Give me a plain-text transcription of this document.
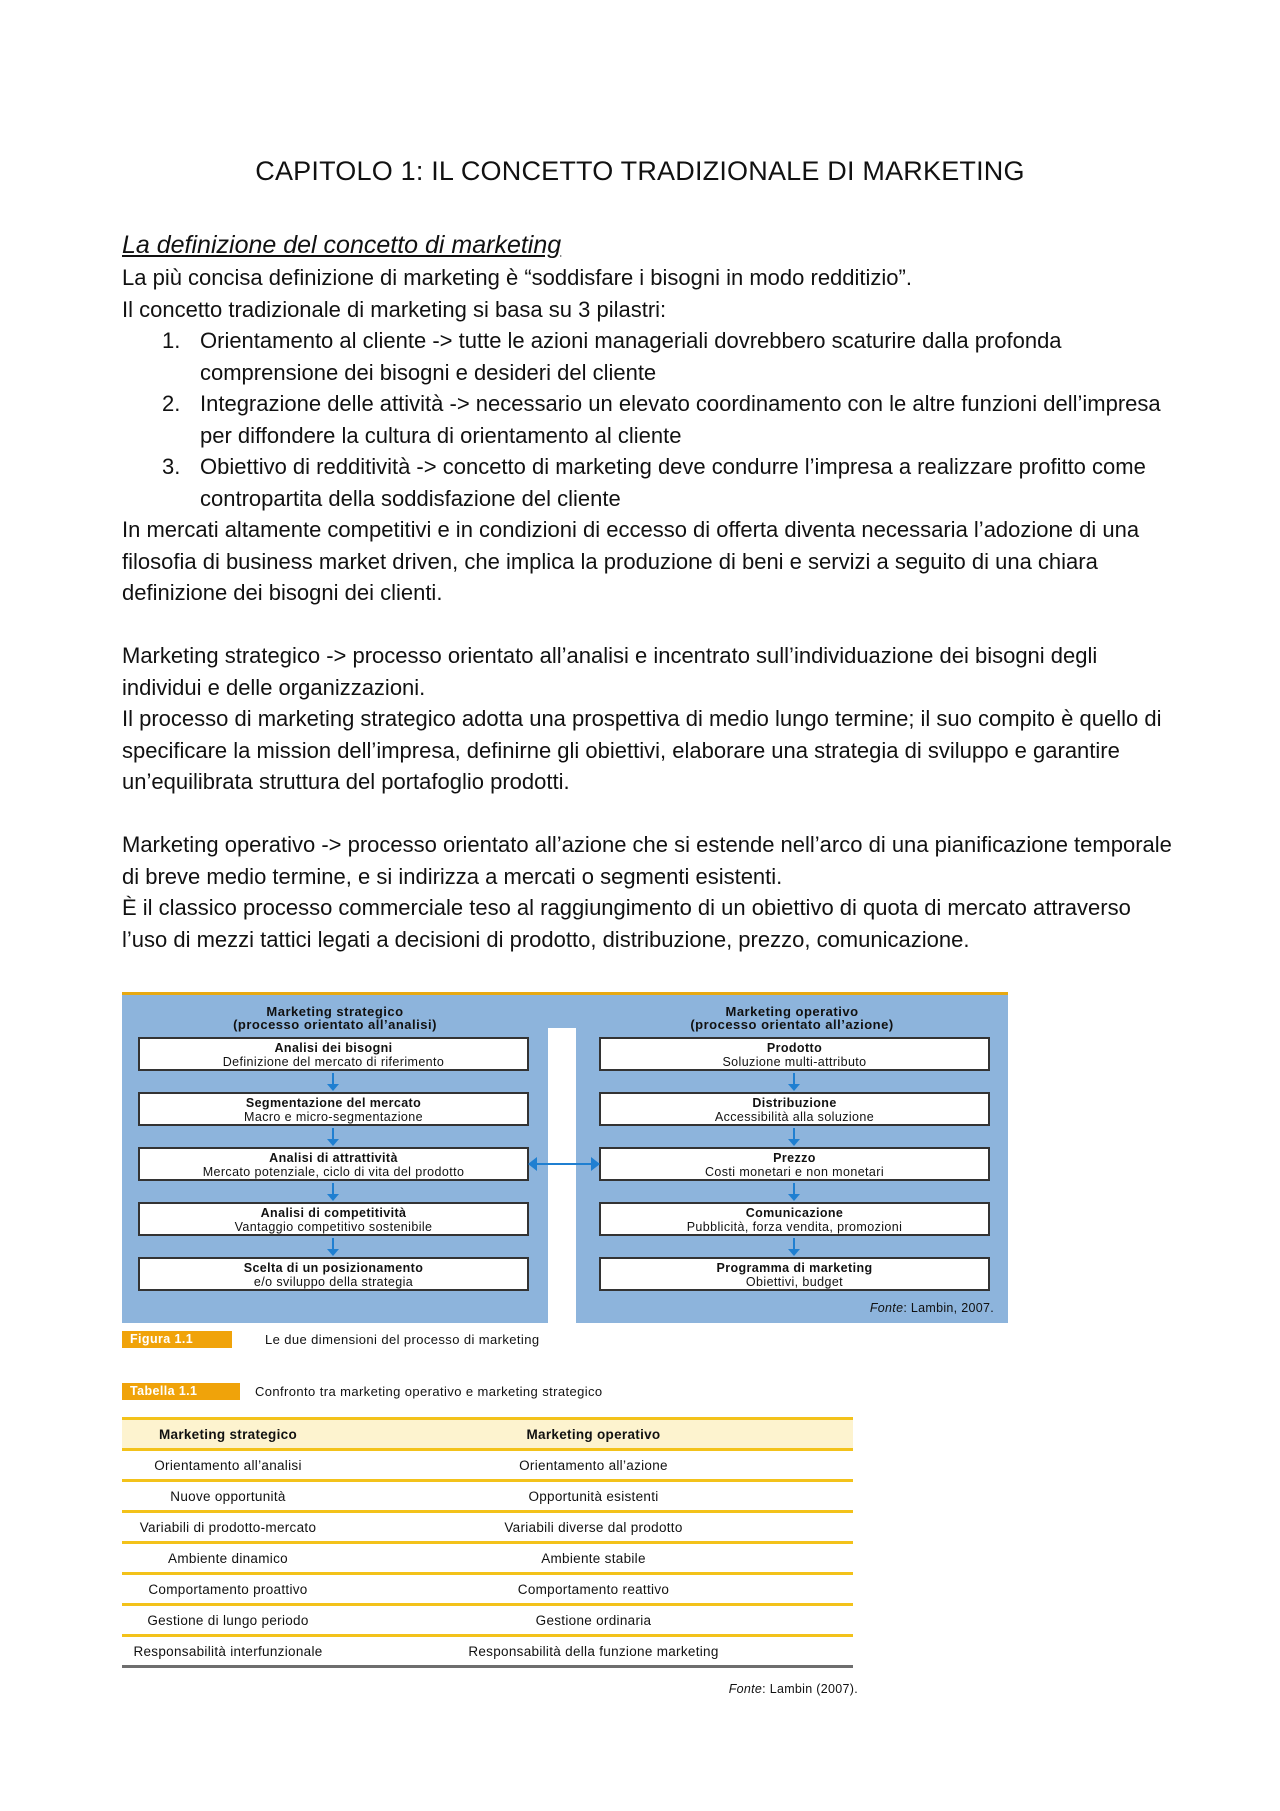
CAPITOLO 1: IL CONCETTO TRADIZIONALE DI MARKETING

La definizione del concetto di marketing

La più concisa definizione di marketing è “soddisfare i bisogni in modo redditizio”.

Il concetto tradizionale di marketing si basa su 3 pilastri:

1. Orientamento al cliente -> tutte le azioni manageriali dovrebbero scaturire dalla profonda comprensione dei bisogni e desideri del cliente
2. Integrazione delle attività -> necessario un elevato coordinamento con le altre funzioni dell’impresa per diffondere la cultura di orientamento al cliente
3. Obiettivo di redditività -> concetto di marketing deve condurre l’impresa a realizzare profitto come contropartita della soddisfazione del cliente

In mercati altamente competitivi e in condizioni di eccesso di offerta diventa necessaria l’adozione di una filosofia di business market driven, che implica la produzione di beni e servizi a seguito di una chiara definizione dei bisogni dei clienti.

Marketing strategico -> processo orientato all’analisi e incentrato sull’individuazione dei bisogni degli individui e delle organizzazioni.

Il processo di marketing strategico adotta una prospettiva di medio lungo termine; il suo compito è quello di specificare la mission dell’impresa, definirne gli obiettivi, elaborare una strategia di sviluppo e garantire un’equilibrata struttura del portafoglio prodotti.

Marketing operativo -> processo orientato all’azione che si estende nell’arco di una pianificazione temporale di breve medio termine, e si indirizza a mercati o segmenti esistenti.

È il classico processo commerciale teso al raggiungimento di un obiettivo di quota di mercato attraverso l’uso di mezzi tattici legati a decisioni di prodotto, distribuzione, prezzo, comunicazione.

Marketing strategico
(processo orientato all’analisi)
Marketing operativo
(processo orientato all’azione)
Analisi dei bisogni
Definizione del mercato di riferimento
Segmentazione del mercato
Macro e micro-segmentazione
Analisi di attrattività
Mercato potenziale, ciclo di vita del prodotto
Analisi di competitività
Vantaggio competitivo sostenibile
Scelta di un posizionamento
e/o sviluppo della strategia
Prodotto
Soluzione multi-attributo
Distribuzione
Accessibilità alla soluzione
Prezzo
Costi monetari e non monetari
Comunicazione
Pubblicità, forza vendita, promozioni
Programma di marketing
Obiettivi, budget
Fonte: Lambin, 2007.
Figura 1.1	Le due dimensioni del processo di marketing
Tabella 1.1	Confronto tra marketing operativo e marketing strategico
Marketing strategico	Marketing operativo
Orientamento all’analisi	Orientamento all’azione
Nuove opportunità	Opportunità esistenti
Variabili di prodotto-mercato	Variabili diverse dal prodotto
Ambiente dinamico	Ambiente stabile
Comportamento proattivo	Comportamento reattivo
Gestione di lungo periodo	Gestione ordinaria
Responsabilità interfunzionale	Responsabilità della funzione marketing
Fonte: Lambin (2007).
